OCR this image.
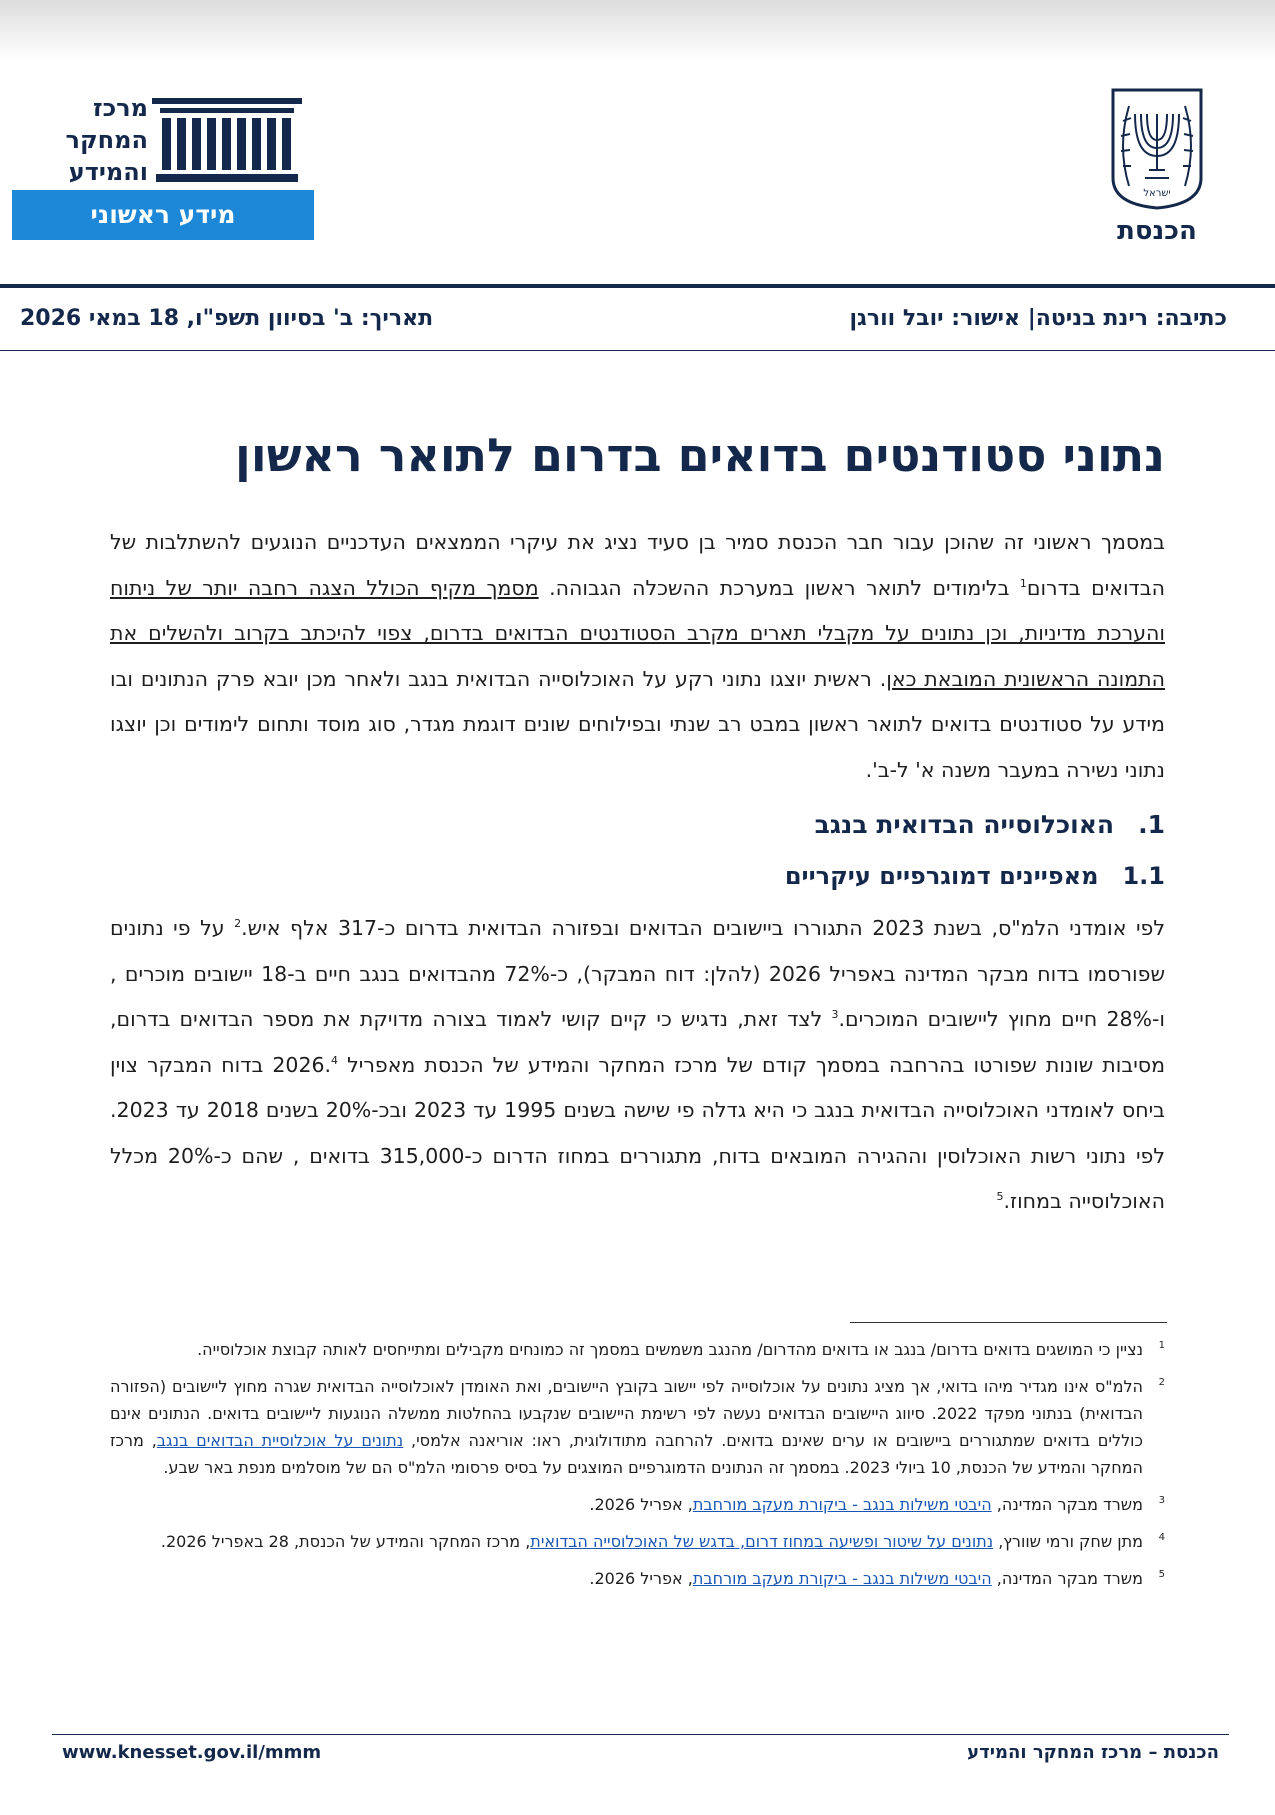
ישראל
הכנסת
מרכז
המחקר
והמידע
מידע ראשוני
כתיבה: רינת בניטה| אישור: יובל וורגן
תאריך: ב' בסיוון תשפ"ו, 18 במאי 2026
נתוני סטודנטים בדואים בדרום לתואר ראשון

במסמך ראשוני זה שהוכן עבור חבר הכנסת סמיר בן סעיד נציג את עיקרי הממצאים העדכניים הנוגעים להשתלבות של הבדואים בדרום$^1$ בלימודים לתואר ראשון במערכת ההשכלה הגבוהה. מסמך מקיף הכולל הצגה רחבה יותר של ניתוח והערכת מדיניות, וכן נתונים על מקבלי תארים מקרב הסטודנטים הבדואים בדרום, צפוי להיכתב בקרוב ולהשלים את התמונה הראשונית המובאת כאן. ראשית יוצגו נתוני רקע על האוכלוסייה הבדואית בנגב ולאחר מכן יובא פרק הנתונים ובו מידע על סטודנטים בדואים לתואר ראשון במבט רב שנתי ובפילוחים שונים דוגמת מגדר, סוג מוסד ותחום לימודים וכן יוצגו נתוני נשירה במעבר משנה א' ל-ב'.

1.האוכלוסייה הבדואית בנגב
1.1מאפיינים דמוגרפיים עיקריים

לפי אומדני הלמ"ס, בשנת 2023 התגוררו ביישובים הבדואים ובפזורה הבדואית בדרום כ-317 אלף איש.$^2$ על פי נתונים שפורסמו בדוח מבקר המדינה באפריל 2026 (להלן: דוח המבקר), כ-72% מהבדואים בנגב חיים ב-18 יישובים מוכרים , ו-28% חיים מחוץ ליישובים המוכרים.$^3$ לצד זאת, נדגיש כי קיים קושי לאמוד בצורה מדויקת את מספר הבדואים בדרום, מסיבות שונות שפורטו בהרחבה במסמך קודם של מרכז המחקר והמידע של הכנסת מאפריל 2026.$^4$ בדוח המבקר צוין ביחס לאומדני האוכלוסייה הבדואית בנגב כי היא גדלה פי שישה בשנים 1995 עד 2023 ובכ-20% בשנים 2018 עד 2023. לפי נתוני רשות האוכלוסין וההגירה המובאים בדוח, מתגוררים במחוז הדרום כ-315,000 בדואים , שהם כ-20% מכלל האוכלוסייה במחוז.$^5$

1
נציין כי המושגים בדואים בדרום/ בנגב או בדואים מהדרום/ מהנגב משמשים במסמך זה כמונחים מקבילים ומתייחסים לאותה קבוצת אוכלוסייה.

2
הלמ"ס אינו מגדיר מיהו בדואי, אך מציג נתונים על אוכלוסייה לפי יישוב בקובץ היישובים, ואת האומדן לאוכלוסייה הבדואית שגרה מחוץ ליישובים (הפזורה הבדואית) בנתוני מפקד 2022. סיווג היישובים הבדואים נעשה לפי רשימת היישובים שנקבעו בהחלטות ממשלה הנוגעות ליישובים בדואים. הנתונים אינם כוללים בדואים שמתגוררים ביישובים או ערים שאינם בדואים. להרחבה מתודולוגית, ראו: אוריאנה אלמסי, נתונים על אוכלוסיית הבדואים בנגב, מרכז המחקר והמידע של הכנסת, 10 ביולי 2023. במסמך זה הנתונים הדמוגרפיים המוצגים על בסיס פרסומי הלמ"ס הם של מוסלמים מנפת באר שבע.

3
משרד מבקר המדינה, היבטי משילות בנגב - ביקורת מעקב מורחבת, אפריל 2026.

4
מתן שחק ורמי שוורץ, נתונים על שיטור ופשיעה במחוז דרום, בדגש של האוכלוסייה הבדואית, מרכז המחקר והמידע של הכנסת, 28 באפריל 2026.

5
משרד מבקר המדינה, היבטי משילות בנגב - ביקורת מעקב מורחבת, אפריל 2026.

הכנסת – מרכז המחקר והמידע
www.knesset.gov.il/mmm
